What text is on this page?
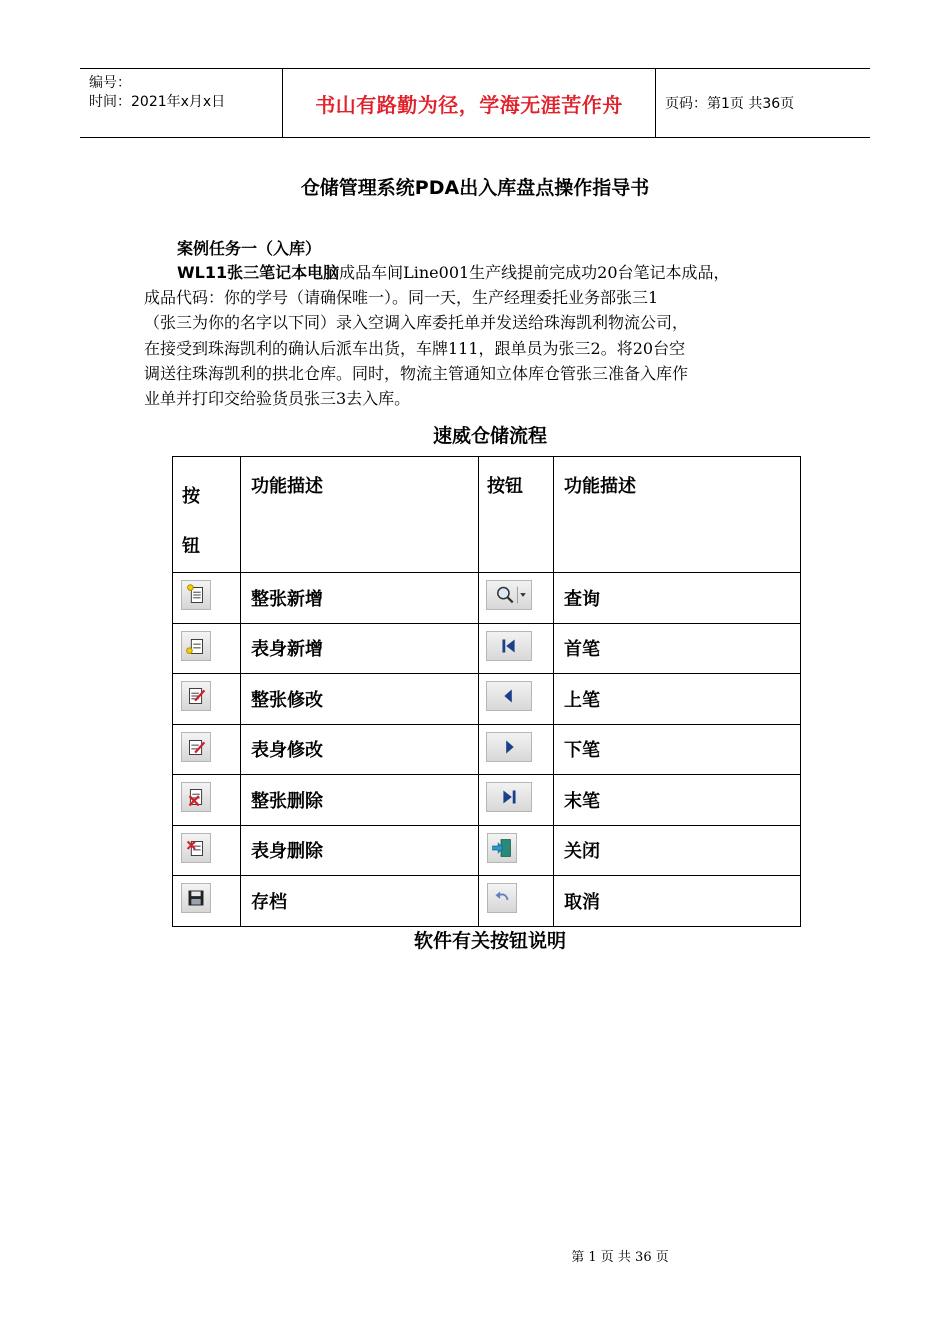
编号：
时间：2021年x月x日	书山有路勤为径，学海无涯苦作舟	页码：第1页 共36页
仓储管理系统PDA出入库盘点操作指导书
案例任务一（入库）
WL11张三笔记本电脑成品车间Line001生产线提前完成功20台笔记本成品，
成品代码：你的学号（请确保唯一）。同一天，生产经理委托业务部张三1
（张三为你的名字以下同）录入空调入库委托单并发送给珠海凯利物流公司，
在接受到珠海凯利的确认后派车出货，车牌111，跟单员为张三2。将20台空
调送往珠海凯利的拱北仓库。同时，物流主管通知立体库仓管张三准备入库作
业单并打印交给验货员张三3去入库。
速威仓储流程
按
钮	功能描述	按钮	功能描述
	整张新增		查询
	表身新增		首笔
	整张修改		上笔
	表身修改		下笔
	整张删除		末笔
	表身删除		关闭
	存档		取消
软件有关按钮说明
第 1 页 共 36 页
